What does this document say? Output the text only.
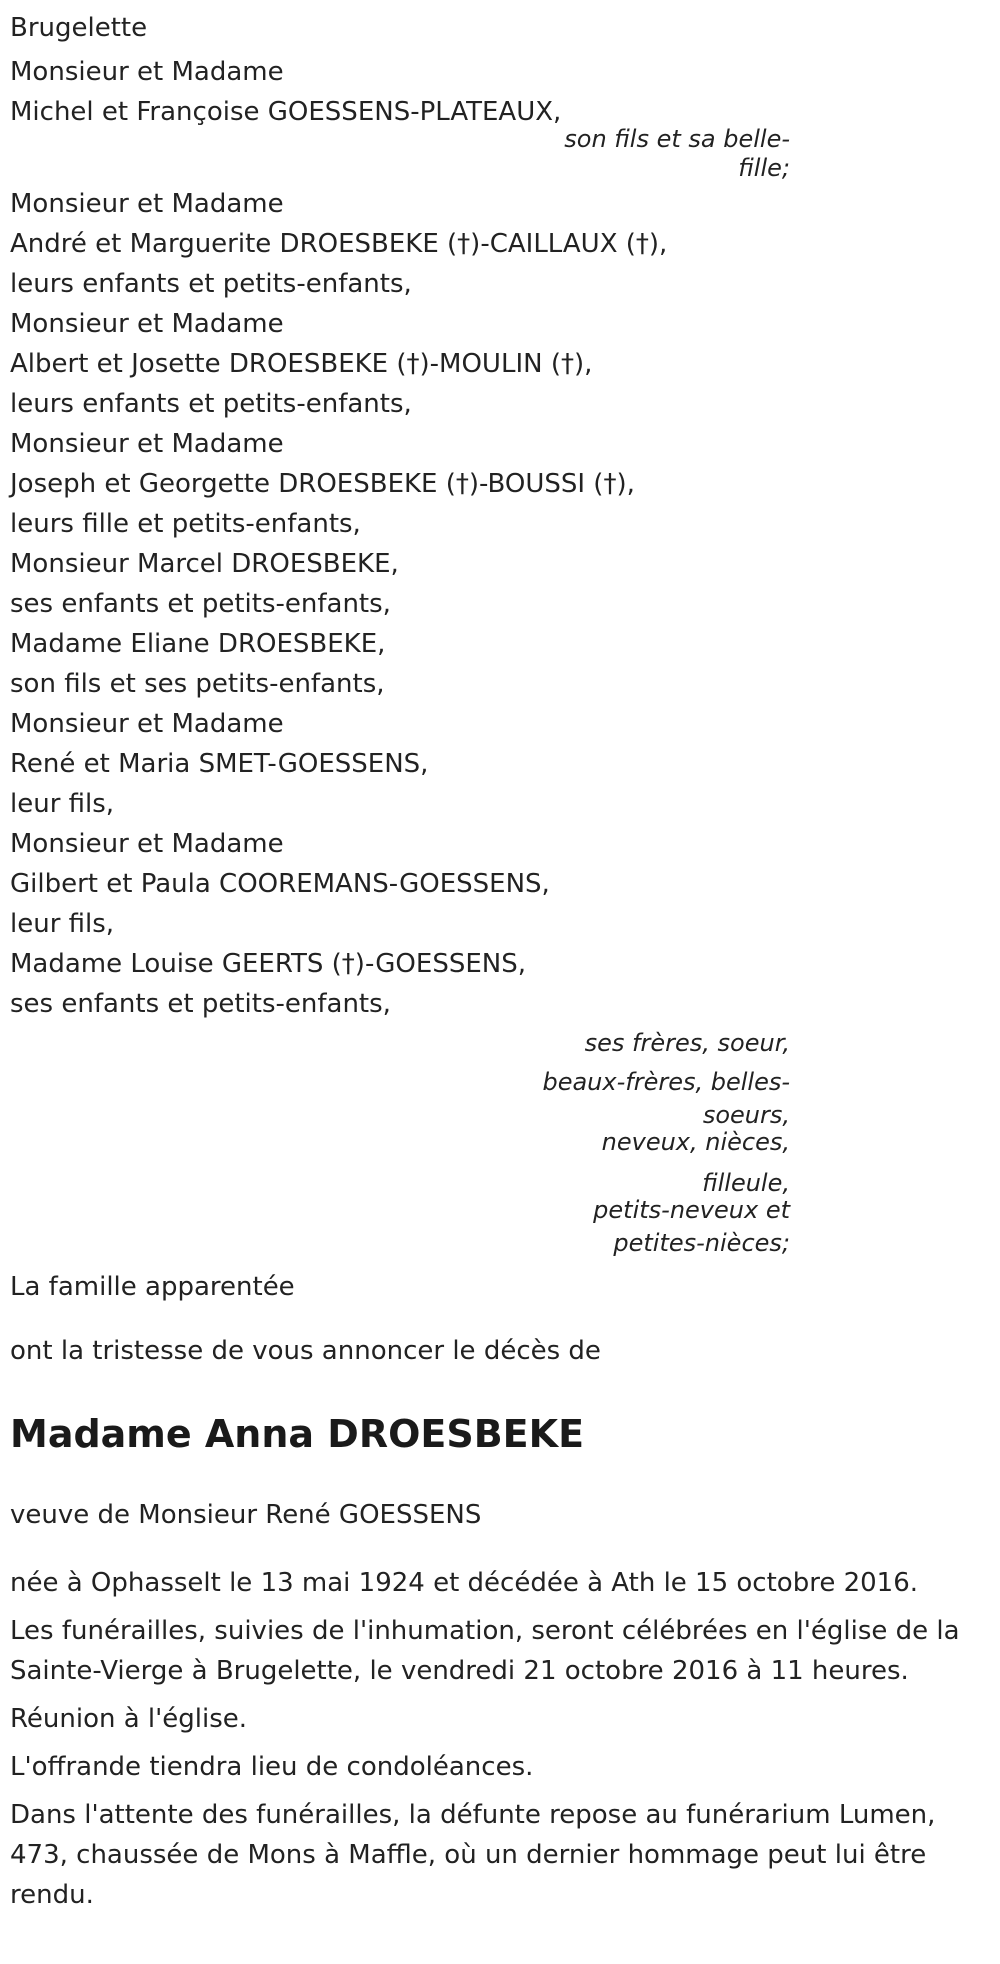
Brugelette
Monsieur et Madame
Michel et Françoise GOESSENS-PLATEAUX,
son fils et sa belle-
fille;
Monsieur et Madame
André et Marguerite DROESBEKE (†)-CAILLAUX (†),
leurs enfants et petits-enfants,
Monsieur et Madame
Albert et Josette DROESBEKE (†)-MOULIN (†),
leurs enfants et petits-enfants,
Monsieur et Madame
Joseph et Georgette DROESBEKE (†)-BOUSSI (†),
leurs fille et petits-enfants,
Monsieur Marcel DROESBEKE,
ses enfants et petits-enfants,
Madame Eliane DROESBEKE,
son fils et ses petits-enfants,
Monsieur et Madame
René et Maria SMET-GOESSENS,
leur fils,
Monsieur et Madame
Gilbert et Paula COOREMANS-GOESSENS,
leur fils,
Madame Louise GEERTS (†)-GOESSENS,
ses enfants et petits-enfants,
ses frères, soeur,
beaux-frères, belles-
soeurs,
neveux, nièces,
filleule,
petits-neveux et
petites-nièces;
La famille apparentée
ont la tristesse de vous annoncer le décès de
Madame Anna DROESBEKE
veuve de Monsieur René GOESSENS
née à Ophasselt le 13 mai 1924 et décédée à Ath le 15 octobre 2016.
Les funérailles, suivies de l'inhumation, seront célébrées en l'église de la Sainte-Vierge à Brugelette, le vendredi 21 octobre 2016 à 11 heures.
Réunion à l'église.
L'offrande tiendra lieu de condoléances.
Dans l'attente des funérailles, la défunte repose au funérarium Lumen, 473, chaussée de Mons à Maffle, où un dernier hommage peut lui être rendu.
